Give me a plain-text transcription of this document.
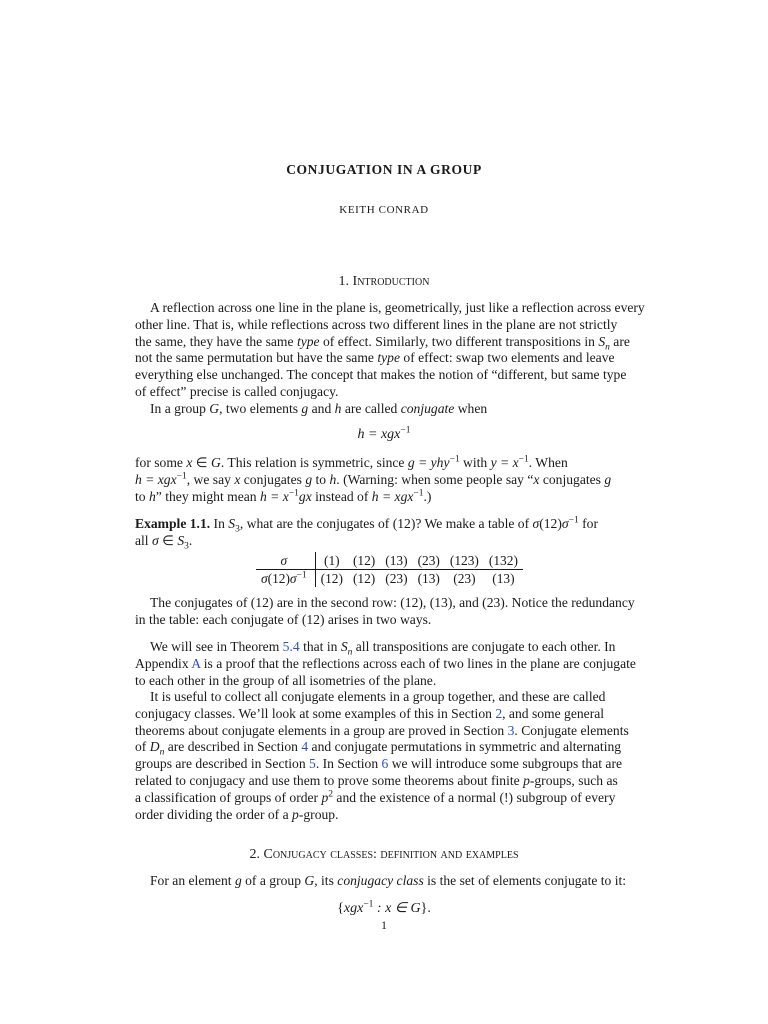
CONJUGATION IN A GROUP
KEITH CONRAD
1. Introduction
A reflection across one line in the plane is, geometrically, just like a reflection across every
other line. That is, while reflections across two different lines in the plane are not strictly
the same, they have the same type of effect. Similarly, two different transpositions in $S_n$ are
not the same permutation but have the same type of effect: swap two elements and leave
everything else unchanged. The concept that makes the notion of “different, but same type
of effect” precise is called conjugacy.
In a group G, two elements g and h are called conjugate when
h = xgx$^{-1}$
for some x ∈ G. This relation is symmetric, since g = yhy$^{-1}$ with $y = x^{-1}$. When
h = xgx$^{-1}$, we say x conjugates g to h. (Warning: when some people say “x conjugates g
to h” they might mean $h = x^{-1}gx$ instead of h = xgx$^{-1}$.)
Example 1.1. In $S_3$, what are the conjugates of (12)? We make a table of $\sigma(12)\sigma^{-1}$ for
all σ ∈ $S_3$.
σ	(1)	(12)	(13)	(23)	(123)	(132)
$\sigma(12)\sigma^{-1}$	(12)	(12)	(23)	(13)	(23)	(13)
The conjugates of (12) are in the second row: (12), (13), and (23). Notice the redundancy
in the table: each conjugate of (12) arises in two ways.
We will see in Theorem 5.4 that in $S_n$ all transpositions are conjugate to each other. In
Appendix A is a proof that the reflections across each of two lines in the plane are conjugate
to each other in the group of all isometries of the plane.
It is useful to collect all conjugate elements in a group together, and these are called
conjugacy classes. We’ll look at some examples of this in Section 2, and some general
theorems about conjugate elements in a group are proved in Section 3. Conjugate elements
of $D_n$ are described in Section 4 and conjugate permutations in symmetric and alternating
groups are described in Section 5. In Section 6 we will introduce some subgroups that are
related to conjugacy and use them to prove some theorems about finite p-groups, such as
a classification of groups of order $p^2$ and the existence of a normal (!) subgroup of every
order dividing the order of a p-group.
2. Conjugacy classes: definition and examples
For an element g of a group G, its conjugacy class is the set of elements conjugate to it:
{xgx$^{-1}$ : x ∈ G}.
1
